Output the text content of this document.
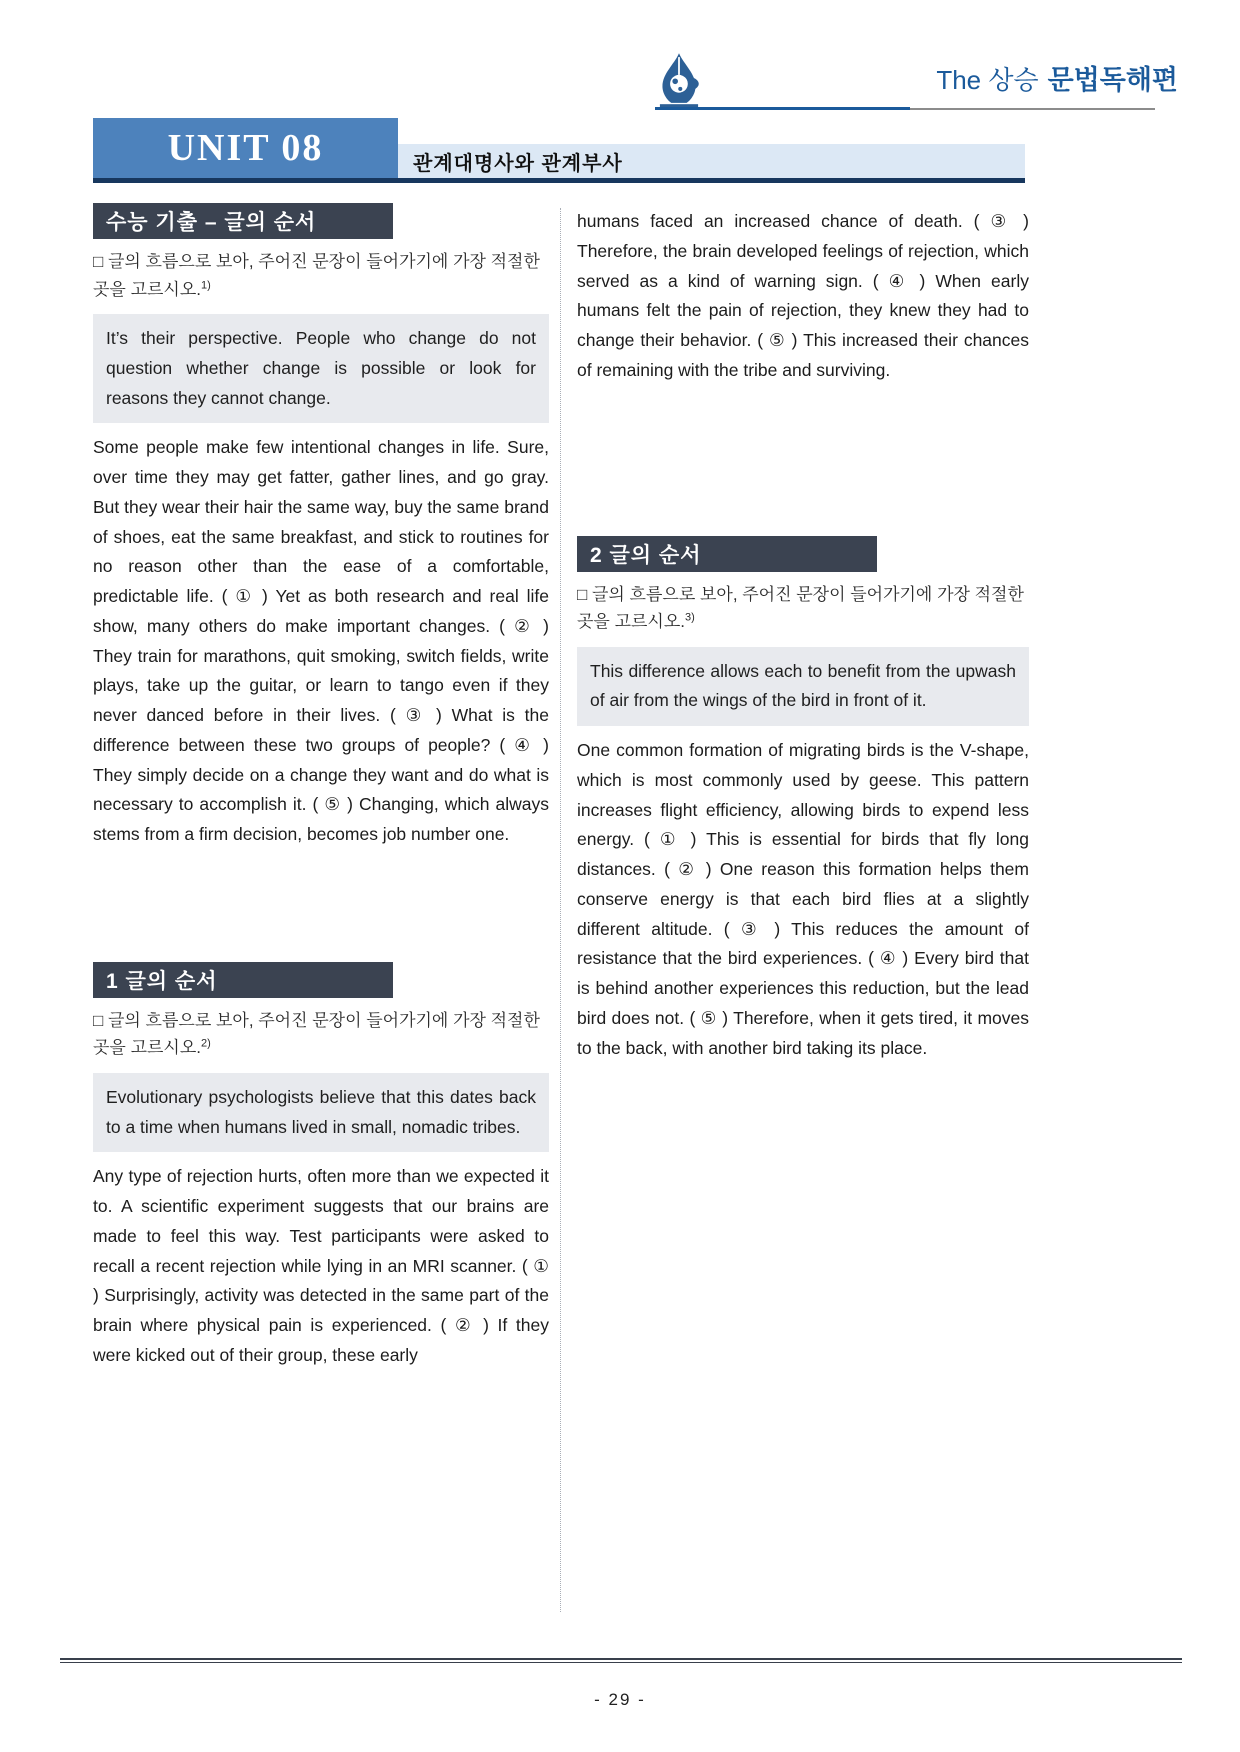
The 상승 문법독해편
UNIT 08	관계대명사와 관계부사
수능 기출 – 글의 순서

□ 글의 흐름으로 보아, 주어진 문장이 들어가기에 가장 적절한 곳을 고르시오.$^{1)}$

It’s their perspective. People who change do not question whether change is possible or look for reasons they cannot change.

Some people make few intentional changes in life. Sure, over time they may get fatter, gather lines, and go gray. But they wear their hair the same way, buy the same brand of shoes, eat the same breakfast, and stick to routines for no reason other than the ease of a comfortable, predictable life. ( ① ) Yet as both research and real life show, many others do make important changes. ( ② ) They train for marathons, quit smoking, switch fields, write plays, take up the guitar, or learn to tango even if they never danced before in their lives. ( ③ ) What is the difference between these two groups of people? ( ④ ) They simply decide on a change they want and do what is necessary to accomplish it. ( ⑤ ) Changing, which always stems from a firm decision, becomes job number one.

1 글의 순서

□ 글의 흐름으로 보아, 주어진 문장이 들어가기에 가장 적절한 곳을 고르시오.$^{2)}$

Evolutionary psychologists believe that this dates back to a time when humans lived in small, nomadic tribes.

Any type of rejection hurts, often more than we expected it to. A scientific experiment suggests that our brains are made to feel this way. Test participants were asked to recall a recent rejection while lying in an MRI scanner. ( ① ) Surprisingly, activity was detected in the same part of the brain where physical pain is experienced. ( ② ) If they were kicked out of their group, these early

humans faced an increased chance of death. ( ③ ) Therefore, the brain developed feelings of rejection, which served as a kind of warning sign. ( ④ ) When early humans felt the pain of rejection, they knew they had to change their behavior. ( ⑤ ) This increased their chances of remaining with the tribe and surviving.

2 글의 순서

□ 글의 흐름으로 보아, 주어진 문장이 들어가기에 가장 적절한 곳을 고르시오.$^{3)}$

This difference allows each to benefit from the upwash of air from the wings of the bird in front of it.

One common formation of migrating birds is the V-shape, which is most commonly used by geese. This pattern increases flight efficiency, allowing birds to expend less energy. ( ① ) This is essential for birds that fly long distances. ( ② ) One reason this formation helps them conserve energy is that each bird flies at a slightly different altitude. ( ③ ) This reduces the amount of resistance that the bird experiences. ( ④ ) Every bird that is behind another experiences this reduction, but the lead bird does not. ( ⑤ ) Therefore, when it gets tired, it moves to the back, with another bird taking its place.

- 29 -
